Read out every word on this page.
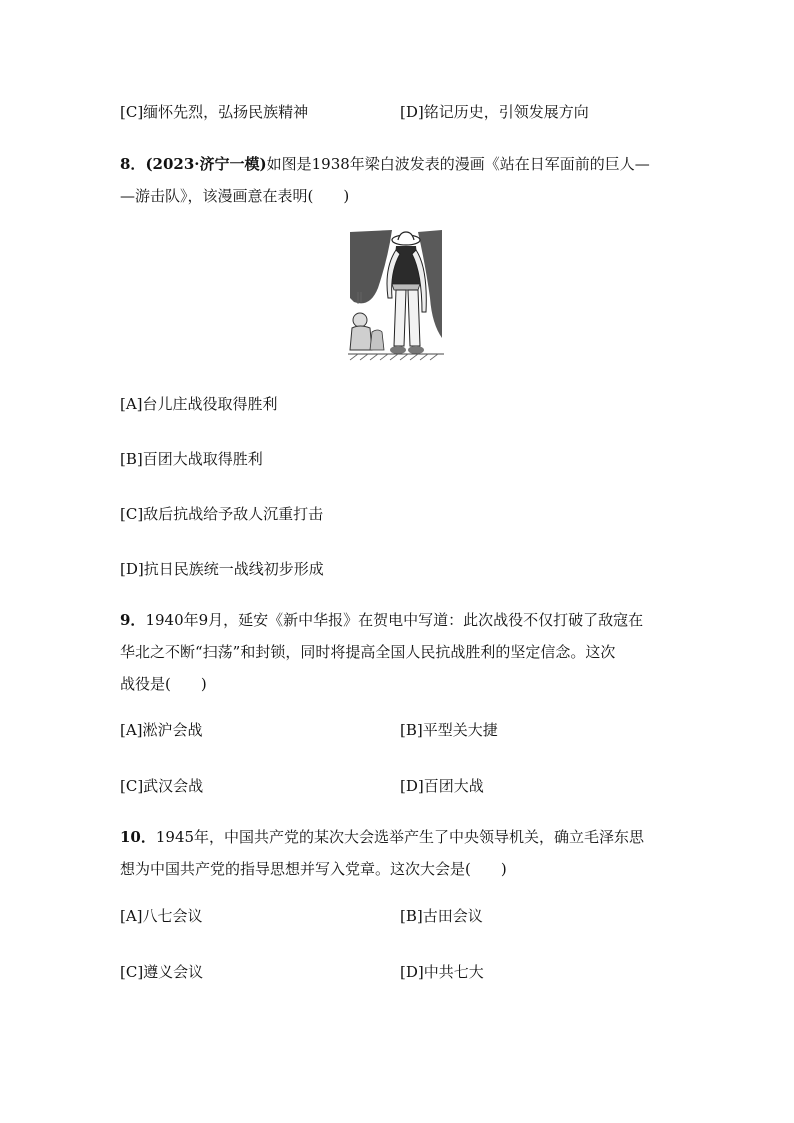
[C]缅怀先烈，弘扬民族精神	[D]铭记历史，引领发展方向
8．(2023·济宁一模)如图是1938年梁白波发表的漫画《站在日军面前的巨人—
—游击队》，该漫画意在表明(　　)
[A]台儿庄战役取得胜利
[B]百团大战取得胜利
[C]敌后抗战给予敌人沉重打击
[D]抗日民族统一战线初步形成
9．1940年9月，延安《新中华报》在贺电中写道：此次战役不仅打破了敌寇在
华北之不断“扫荡”和封锁，同时将提高全国人民抗战胜利的坚定信念。这次
战役是(　　)
[A]淞沪会战	[B]平型关大捷
[C]武汉会战	[D]百团大战
10．1945年，中国共产党的某次大会选举产生了中央领导机关，确立毛泽东思
想为中国共产党的指导思想并写入党章。这次大会是(　　)
[A]八七会议	[B]古田会议
[C]遵义会议	[D]中共七大
